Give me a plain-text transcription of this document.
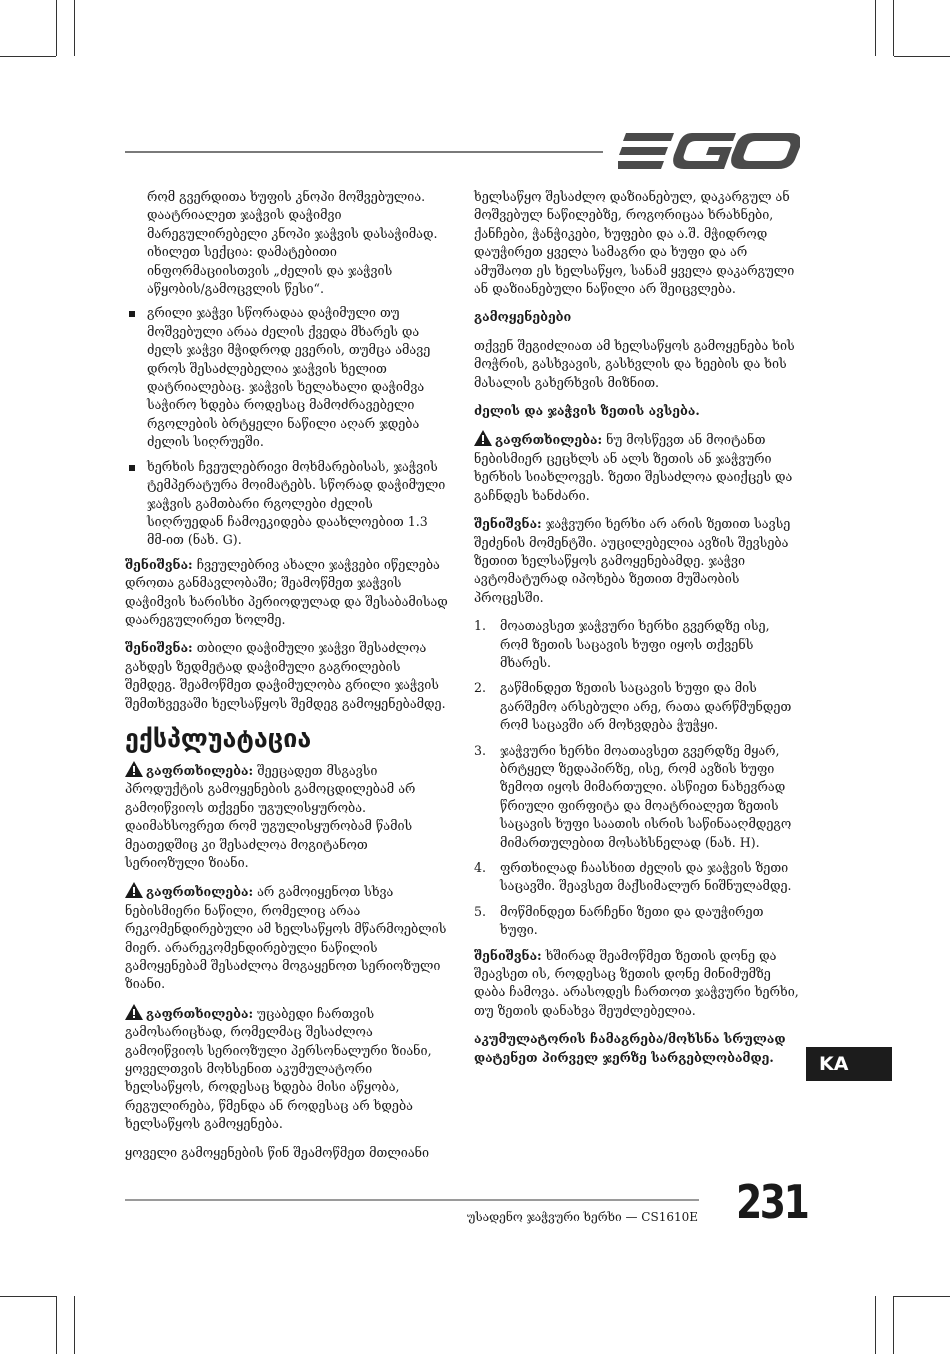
რომ გვერდითა ხუფის კნოპი მოშვებულია. დაატრიალეთ ჯაჭვის დაჭიმვი მარეგულირებელი კნოპი ჯაჭვის დასაჭიმად. იხილეთ სექცია: დამატებითი ინფორმაციისთვის „ძელის და ჯაჭვის აწყობის/გამოცვლის წესი“.
გრილი ჯაჭვი სწორადაა დაჭიმული თუ მოშვებული არაა ძელის ქვედა მხარეს და ძელს ჯაჭვი მჭიდროდ ევერის, თუმცა ამავე დროს შესაძლებელია ჯაჭვის ხელით დატრიალებაც. ჯაჭვის ხელახალი დაჭიმვა საჭირო ხდება როდესაც მამოძრავებელი რგოლების ბრტყელი ნაწილი აღარ ჯდება ძელის სიღრუეში.
ხერხის ჩვეულებრივი მოხმარებისას, ჯაჭვის ტემპერატურა მოიმატებს. სწორად დაჭიმული ჯაჭვის გამთბარი რგოლები ძელის სიღრუედან ჩამოეკიდება დაახლოებით 1.3 მმ-ით (ნახ. G).

შენიშვნა: ჩვეულებრივ ახალი ჯაჭვები იწელება დროთა განმავლობაში; შეამოწმეთ ჯაჭვის დაჭიმვის ხარისხი პერიოდულად და შესაბამისად დაარეგულირეთ ხოლმე.

შენიშვნა: თბილი დაჭიმული ჯაჭვი შესაძლოა გახდეს ზედმეტად დაჭიმული გაგრილების შემდეგ. შეამოწმეთ დაჭიმულობა გრილი ჯაჭვის შემთხვევაში ხელსაწყოს შემდეგ გამოყენებამდე.

ექსპლუატაცია

გაფრთხილება: შეეცადეთ მსგავსი პროდუქტის გამოყენების გამოცდილებამ არ გამოიწვიოს თქვენი უგულისყურობა. დაიმახსოვრეთ რომ უგულისყურობამ წამის მეათედშიც კი შესაძლოა მოგიტანოთ სერიოზული ზიანი.

გაფრთხილება: არ გამოიყენოთ სხვა ნებისმიერი ნაწილი, რომელიც არაა რეკომენდირებული ამ ხელსაწყოს მწარმოებლის მიერ. არარეკომენდირებული ნაწილის გამოყენებამ შესაძლოა მოგაყენოთ სერიოზული ზიანი.

გაფრთხილება: უცაბედი ჩართვის გამოსარიცხად, რომელმაც შესაძლოა გამოიწვიოს სერიოზული პერსონალური ზიანი, ყოველთვის მოხსენით აკუმულატორი ხელსაწყოს, როდესაც ხდება მისი აწყობა, რეგულირება, წმენდა ან როდესაც არ ხდება ხელსაწყოს გამოყენება.

ყოველი გამოყენების წინ შეამოწმეთ მთლიანი

ხელსაწყო შესაძლო დაზიანებულ, დაკარგულ ან მოშვებულ ნაწილებზე, როგორიცაა ხრახნები, ქანჩები, ჭანჭიკები, ხუფები და ა.შ. მჭიდროდ დაუჭირეთ ყველა სამაგრი და ხუფი და არ ამუშაოთ ეს ხელსაწყო, სანამ ყველა დაკარგული ან დაზიანებული ნაწილი არ შეიცვლება.

გამოყენებები

თქვენ შეგიძლიათ ამ ხელსაწყოს გამოყენება ხის მოჭრის, გასხვავის, გასხვლის და ხეების და ხის მასალის გახერხვის მიზნით.

ძელის და ჯაჭვის ზეთის ავსება.

გაფრთხილება: ნუ მოსწევთ ან მოიტანთ ნებისმიერ ცეცხლს ან ალს ზეთის ან ჯაჭვური ხერხის სიახლოვეს. ზეთი შესაძლოა დაიქცეს და გაჩნდეს ხანძარი.

შენიშვნა: ჯაჭვური ხერხი არ არის ზეთით სავსე შეძენის მომენტში. აუცილებელია ავზის შევსება ზეთით ხელსაწყოს გამოყენებამდე. ჯაჭვი ავტომატურად იპოხება ზეთით მუშაობის პროცესში.

1. მოათავსეთ ჯაჭვური ხერხი გვერდზე ისე, რომ ზეთის საცავის ხუფი იყოს თქვენს მხარეს.
2. გაწმინდეთ ზეთის საცავის ხუფი და მის გარშემო არსებული არე, რათა დარწმუნდეთ რომ საცავში არ მოხვდება ჭუჭყი.
3. ჯაჭვური ხერხი მოათავსეთ გვერდზე მყარ, ბრტყელ ზედაპირზე, ისე, რომ ავზის ხუფი ზემოთ იყოს მიმართული. ასწიეთ ნახევრად წრიული ფირფიტა და მოატრიალეთ ზეთის საცავის ხუფი საათის ისრის საწინააღმდეგო მიმართულებით მოსახსნელად (ნახ. H).
4. ფრთხილად ჩაასხით ძელის და ჯაჭვის ზეთი საცავში. შეავსეთ მაქსიმალურ ნიშნულამდე.
5. მოწმინდეთ ნარჩენი ზეთი და დაუჭირეთ ხუფი.

შენიშვნა: ხშირად შეამოწმეთ ზეთის დონე და შეავსეთ ის, როდესაც ზეთის დონე მინიმუმზე დაბა ჩამოვა. არასოდეს ჩართოთ ჯაჭვური ხერხი, თუ ზეთის დანახვა შეუძლებელია.

აკუმულატორის ჩამაგრება/მოხსნა სრულად დატენეთ პირველ ჯერზე სარგებლობამდე.	KA
უსადენო ჯაჭვური ხერხი — CS1610E 231
